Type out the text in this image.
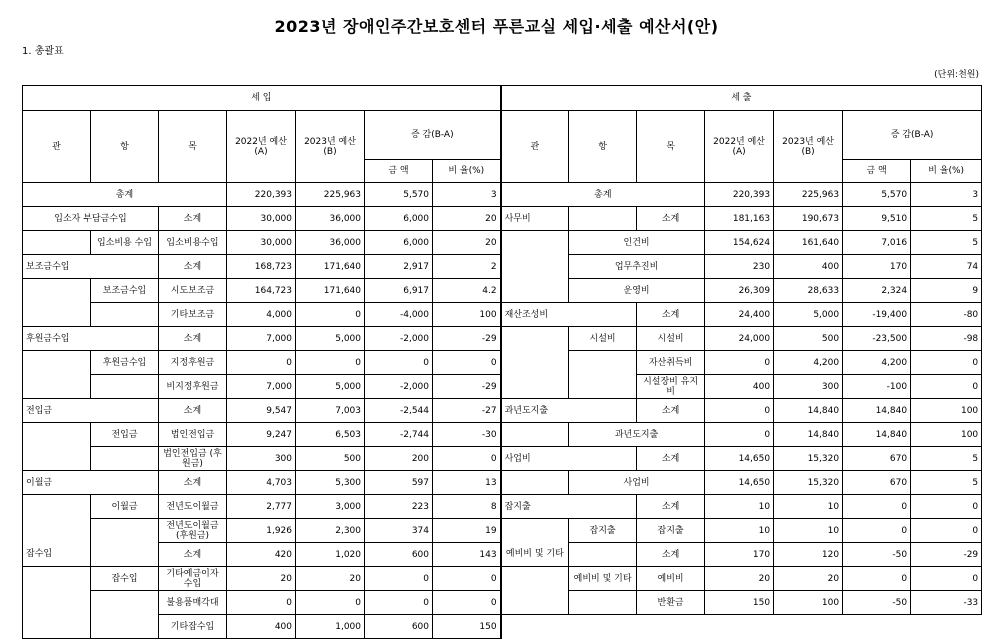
2023년 장애인주간보호센터 푸른교실 세입·세출 예산서(안)
1. 총괄표
(단위:천원)
세 입							세 출						
관	항	목	2022년 예산(A)	2023년 예산(B)	증 감(B-A)		관	항	목	2022년 예산(A)	2023년 예산(B)	증 감(B-A)	
					금 액	비 율(%)						금 액	비 율(%)
총계			220,393	225,963	5,570	3	총계			220,393	225,963	5,570	3
입소자 부담금수입		소계	30,000	36,000	6,000	20	사무비		소계	181,163	190,673	9,510	5
	입소비용 수입	입소비용수입	30,000	36,000	6,000	20		인건비		154,624	161,640	7,016	5
보조금수입		소계	168,723	171,640	2,917	2		업무추진비		230	400	170	74
	보조금수입	시도보조금	164,723	171,640	6,917	4.2		운영비		26,309	28,633	2,324	9
		기타보조금	4,000	0	-4,000	100	재산조성비		소계	24,400	5,000	-19,400	-80
후원금수입		소계	7,000	5,000	-2,000	-29		시설비	시설비	24,000	500	-23,500	-98
	후원금수입	지정후원금	0	0	0	0			자산취득비	0	4,200	4,200	0
		비지정후원금	7,000	5,000	-2,000	-29			시설장비 유지비	400	300	-100	0
전입금		소계	9,547	7,003	-2,544	-27	과년도지출		소계	0	14,840	14,840	100
	전입금	법인전입금	9,247	6,503	-2,744	-30		과년도지출		0	14,840	14,840	100
		법인전입금 (후원금)	300	500	200	0	사업비		소계	14,650	15,320	670	5
이월금		소계	4,703	5,300	597	13		사업비		14,650	15,320	670	5
	이월금	전년도이월금	2,777	3,000	223	8	잡지출		소계	10	10	0	0
		전년도이월금 (후원금)	1,926	2,300	374	19		잡지출	잡지출	10	10	0	0
잡수입		소계	420	1,020	600	143	예비비 및 기타		소계	170	120	-50	-29
	잡수입	기타예금이자 수입	20	20	0	0		예비비 및 기타	예비비	20	20	0	0
		불용품매각대	0	0	0	0			반환금	150	100	-50	-33
		기타잡수입	400	1,000	600	150							
